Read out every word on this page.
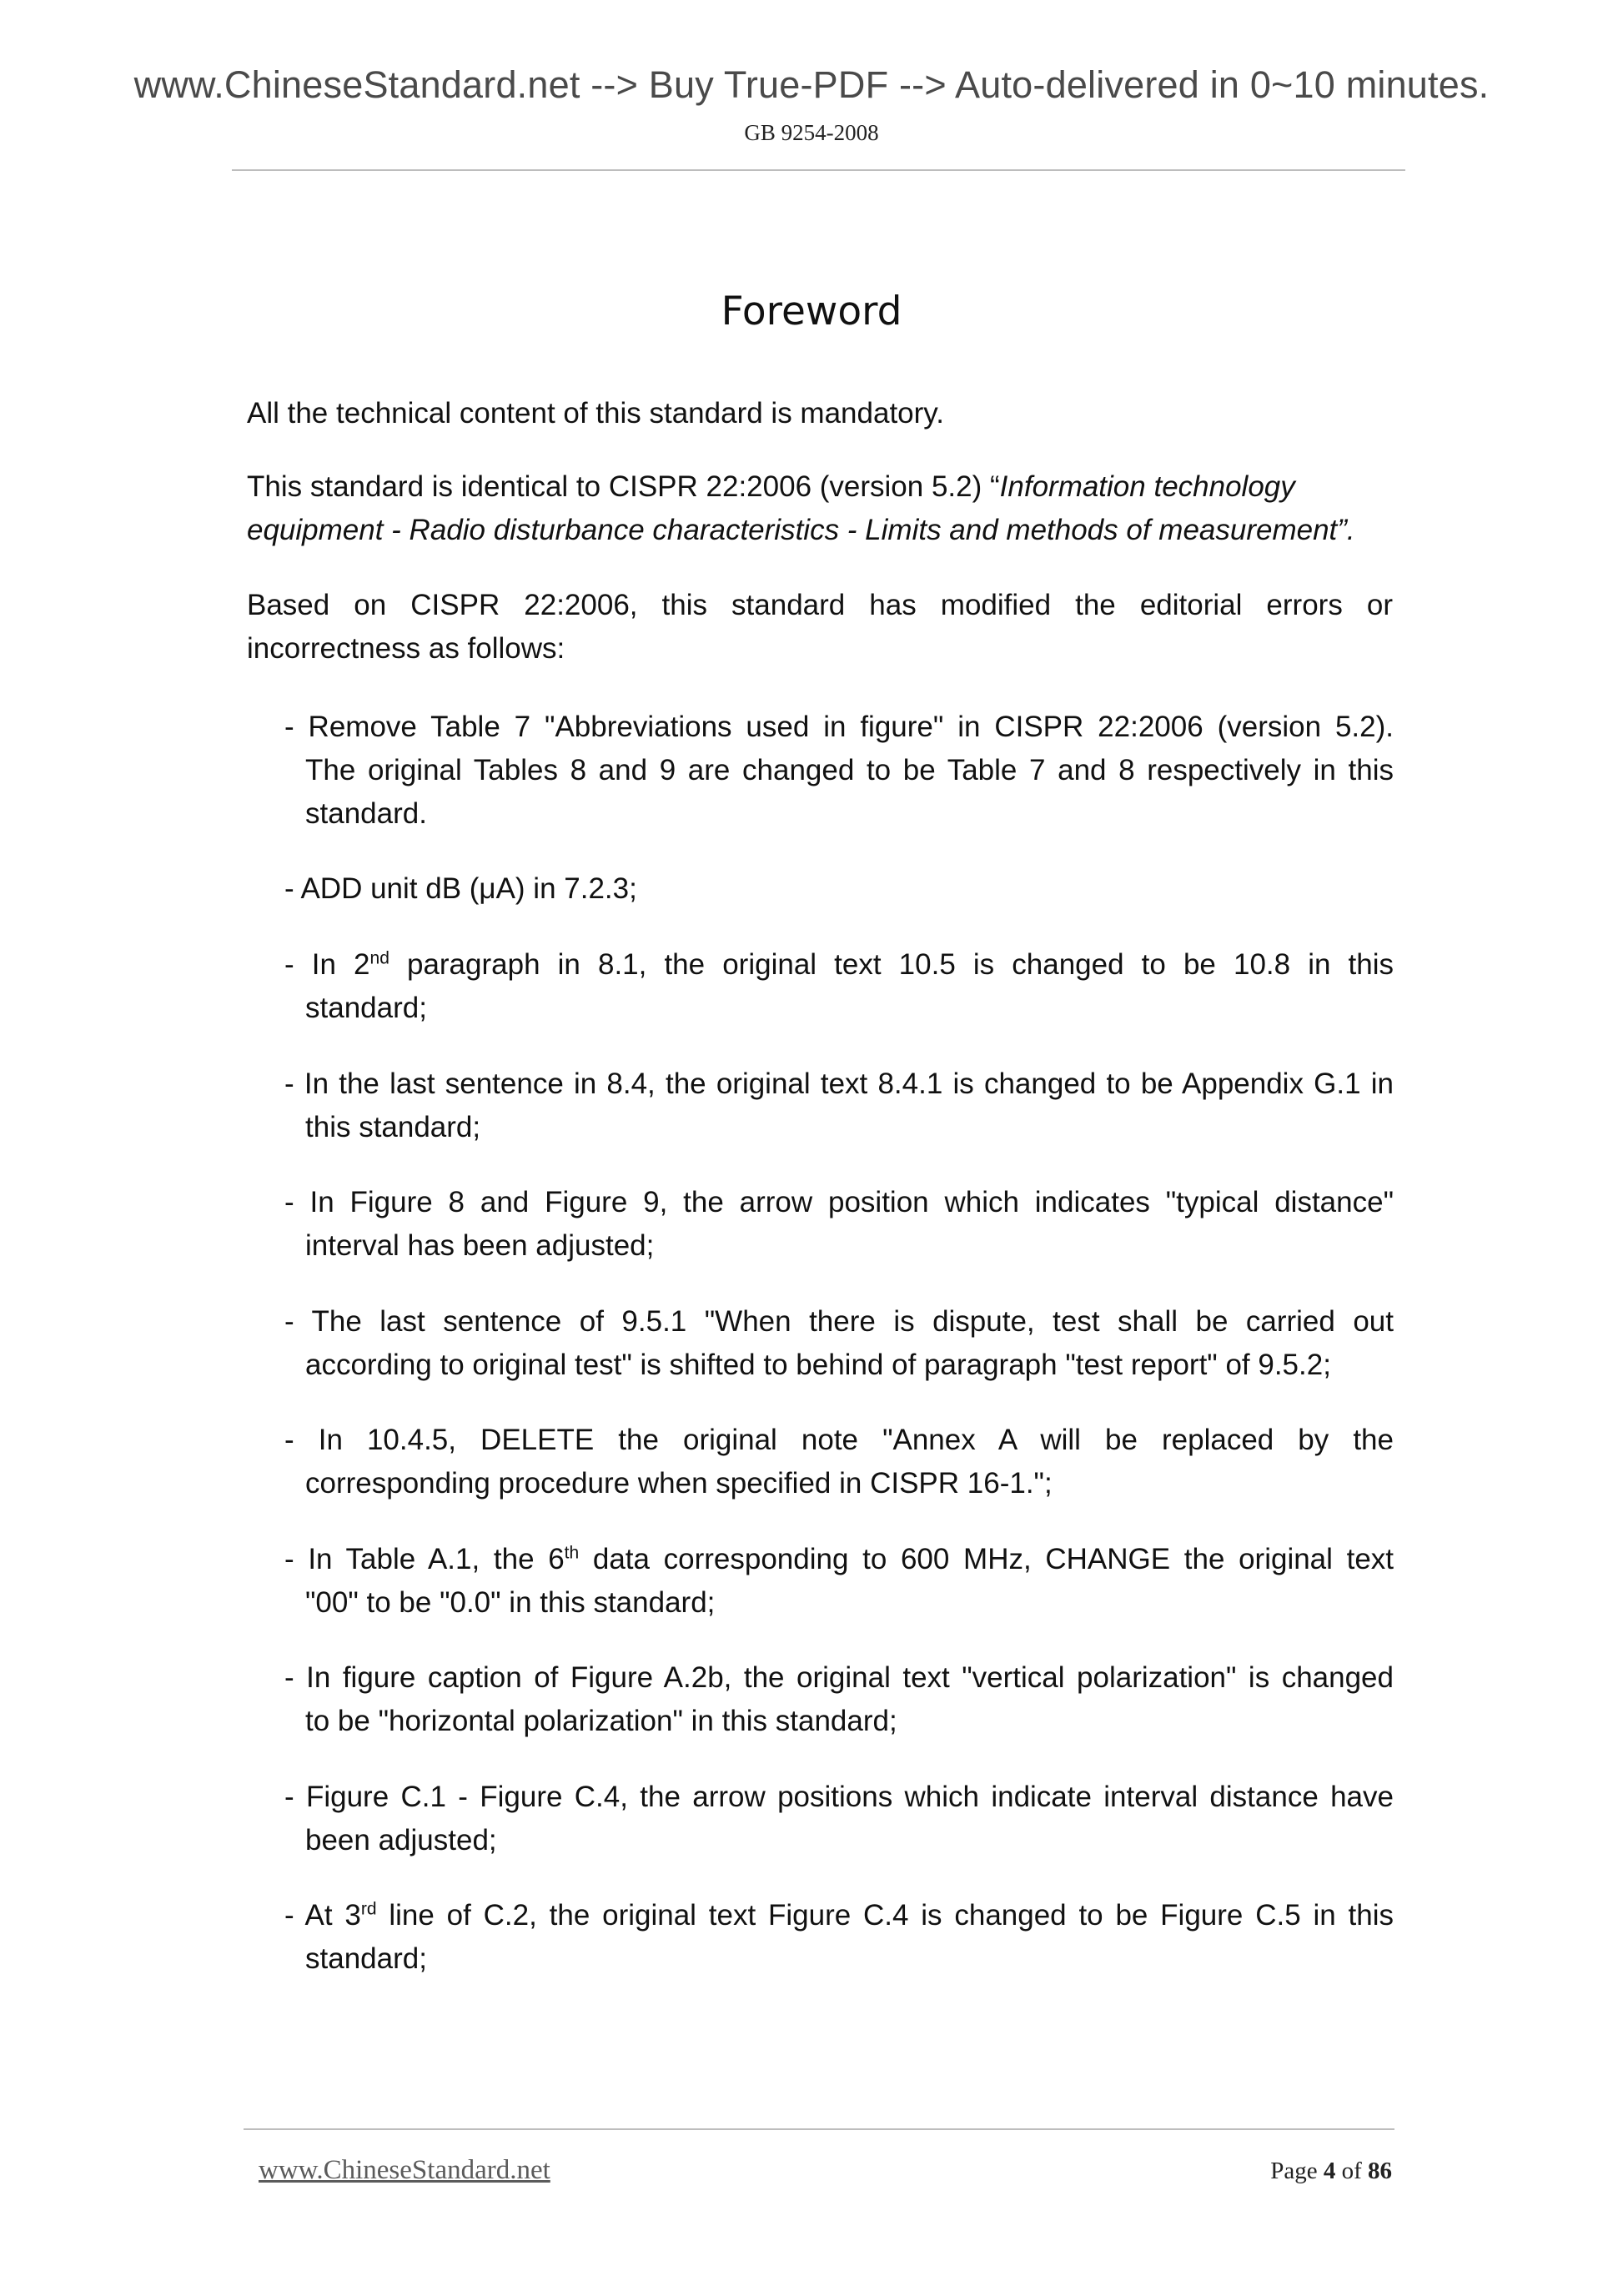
www.ChineseStandard.net --> Buy True-PDF --> Auto-delivered in 0~10 minutes.
GB 9254-2008
Foreword

All the technical content of this standard is mandatory.

This standard is identical to CISPR 22:2006 (version 5.2) “Information technology
equipment - Radio disturbance characteristics - Limits and methods of measurement”.

Based on CISPR 22:2006, this standard has modified the editorial errors or
incorrectness as follows:

- Remove Table 7 "Abbreviations used in figure" in CISPR 22:2006 (version 5.2).
The original Tables 8 and 9 are changed to be Table 7 and 8 respectively in this
standard.
- ADD unit dB (μA) in 7.2.3;
- In 2nd paragraph in 8.1, the original text 10.5 is changed to be 10.8 in this
standard;
- In the last sentence in 8.4, the original text 8.4.1 is changed to be Appendix G.1 in
this standard;
- In Figure 8 and Figure 9, the arrow position which indicates "typical distance"
interval has been adjusted;
- The last sentence of 9.5.1 "When there is dispute, test shall be carried out
according to original test" is shifted to behind of paragraph "test report" of 9.5.2;
- In 10.4.5, DELETE the original note "Annex A will be replaced by the
corresponding procedure when specified in CISPR 16-1.";
- In Table A.1, the 6th data corresponding to 600 MHz, CHANGE the original text
"00" to be "0.0" in this standard;
- In figure caption of Figure A.2b, the original text "vertical polarization" is changed
to be "horizontal polarization" in this standard;
- Figure C.1 - Figure C.4, the arrow positions which indicate interval distance have
been adjusted;
- At 3rd line of C.2, the original text Figure C.4 is changed to be Figure C.5 in this
standard;
www.ChineseStandard.net	Page 4 of 86
